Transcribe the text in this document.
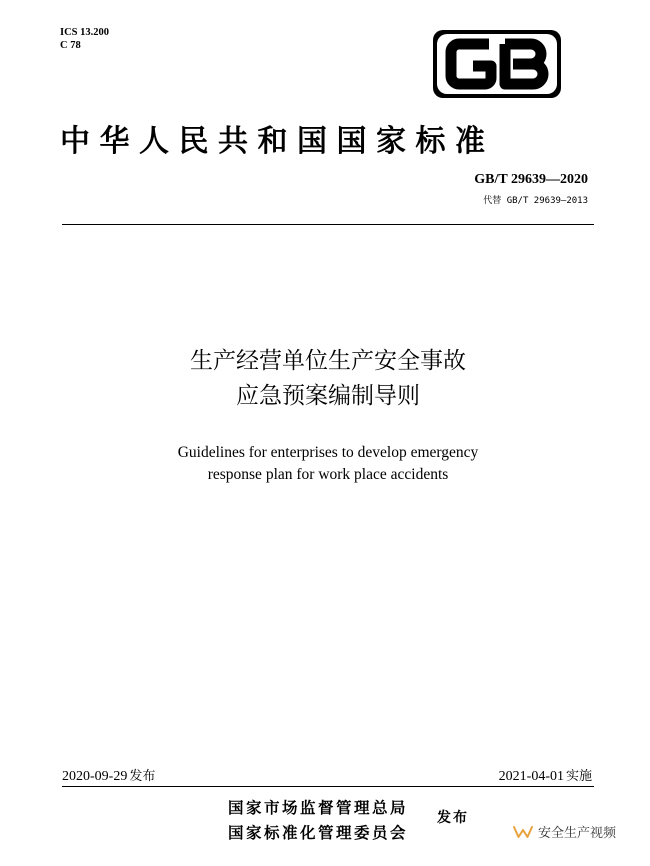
ICS 13.200
C 78
中华人民共和国国家标准
GB/T 29639—2020
代替 GB/T 29639—2013
生产经营单位生产安全事故
应急预案编制导则
Guidelines for enterprises to develop emergency
response plan for work place accidents
2020-09-29 发布	2021-04-01 实施
国家市场监督管理总局
国家标准化管理委员会
发布
安全生产视频
